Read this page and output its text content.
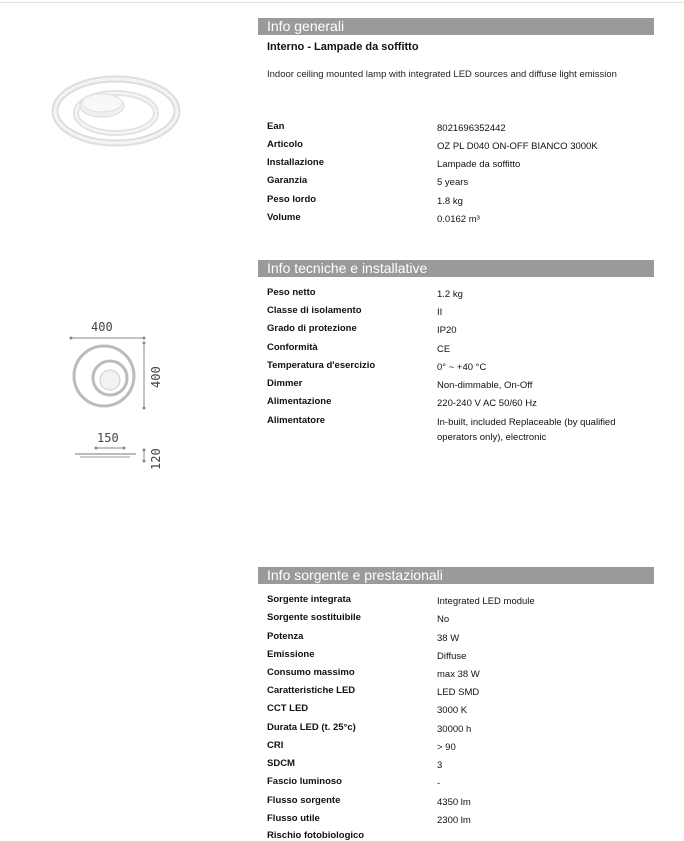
400
400
150
120
Info generali
Interno - Lampade da soffitto
Indoor ceiling mounted lamp with integrated LED sources and diffuse light emission
Ean	8021696352442
Articolo	OZ PL D040 ON-OFF BIANCO 3000K
Installazione	Lampade da soffitto
Garanzia	5 years
Peso lordo	1.8 kg
Volume	0.0162 m³
Info tecniche e installative
Peso netto	1.2 kg
Classe di isolamento	II
Grado di protezione	IP20
Conformità	CE
Temperatura d'esercizio	0° ~ +40 °C
Dimmer	Non-dimmable, On-Off
Alimentazione	220-240 V AC 50/60 Hz
Alimentatore	In-built, included Replaceable (by qualified operators only), electronic
Info sorgente e prestazionali
Sorgente integrata	Integrated LED module
Sorgente sostituibile	No
Potenza	38 W
Emissione	Diffuse
Consumo massimo	max 38 W
Caratteristiche LED	LED SMD
CCT LED	3000 K
Durata LED (t. 25°c)	30000 h
CRI	> 90
SDCM	3
Fascio luminoso	-
Flusso sorgente	4350 lm
Flusso utile	2300 lm
Rischio fotobiologico
